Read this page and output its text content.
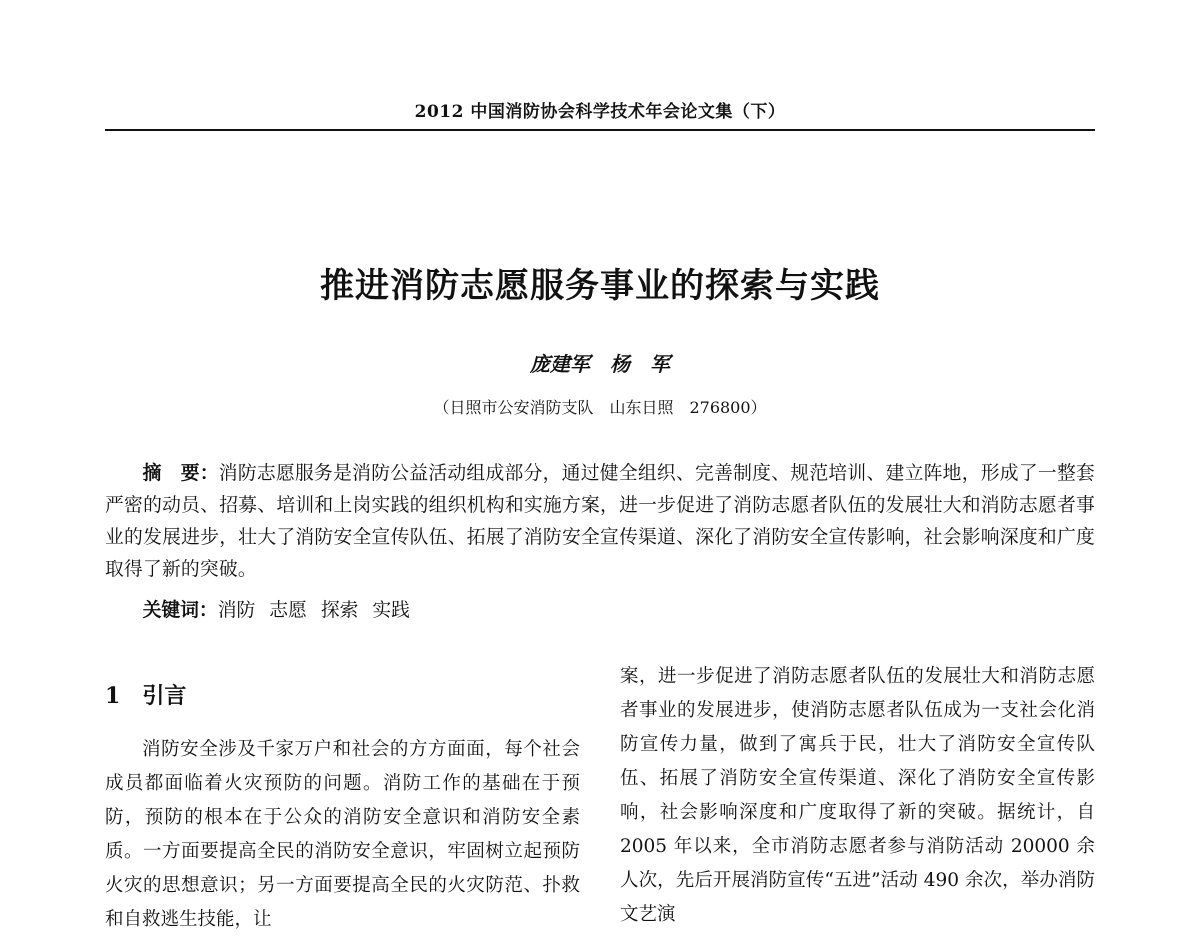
2012 中国消防协会科学技术年会论文集（下）
推进消防志愿服务事业的探索与实践
庞建军　杨　军
（日照市公安消防支队　山东日照　276800）
摘　要：消防志愿服务是消防公益活动组成部分，通过健全组织、完善制度、规范培训、建立阵地，形成了一整套严密的动员、招募、培训和上岗实践的组织机构和实施方案，进一步促进了消防志愿者队伍的发展壮大和消防志愿者事业的发展进步，壮大了消防安全宣传队伍、拓展了消防安全宣传渠道、深化了消防安全宣传影响，社会影响深度和广度取得了新的突破。
关键词：消防 志愿 探索 实践
1 引言
消防安全涉及千家万户和社会的方方面面，每个社会成员都面临着火灾预防的问题。消防工作的基础在于预防，预防的根本在于公众的消防安全意识和消防安全素质。一方面要提高全民的消防安全意识，牢固树立起预防火灾的思想意识；另一方面要提高全民的火灾防范、扑救和自救逃生技能，让
案，进一步促进了消防志愿者队伍的发展壮大和消防志愿者事业的发展进步，使消防志愿者队伍成为一支社会化消防宣传力量，做到了寓兵于民，壮大了消防安全宣传队伍、拓展了消防安全宣传渠道、深化了消防安全宣传影响，社会影响深度和广度取得了新的突破。据统计，自 2005 年以来，全市消防志愿者参与消防活动 20000 余人次，先后开展消防宣传“五进”活动 490 余次，举办消防文艺演
